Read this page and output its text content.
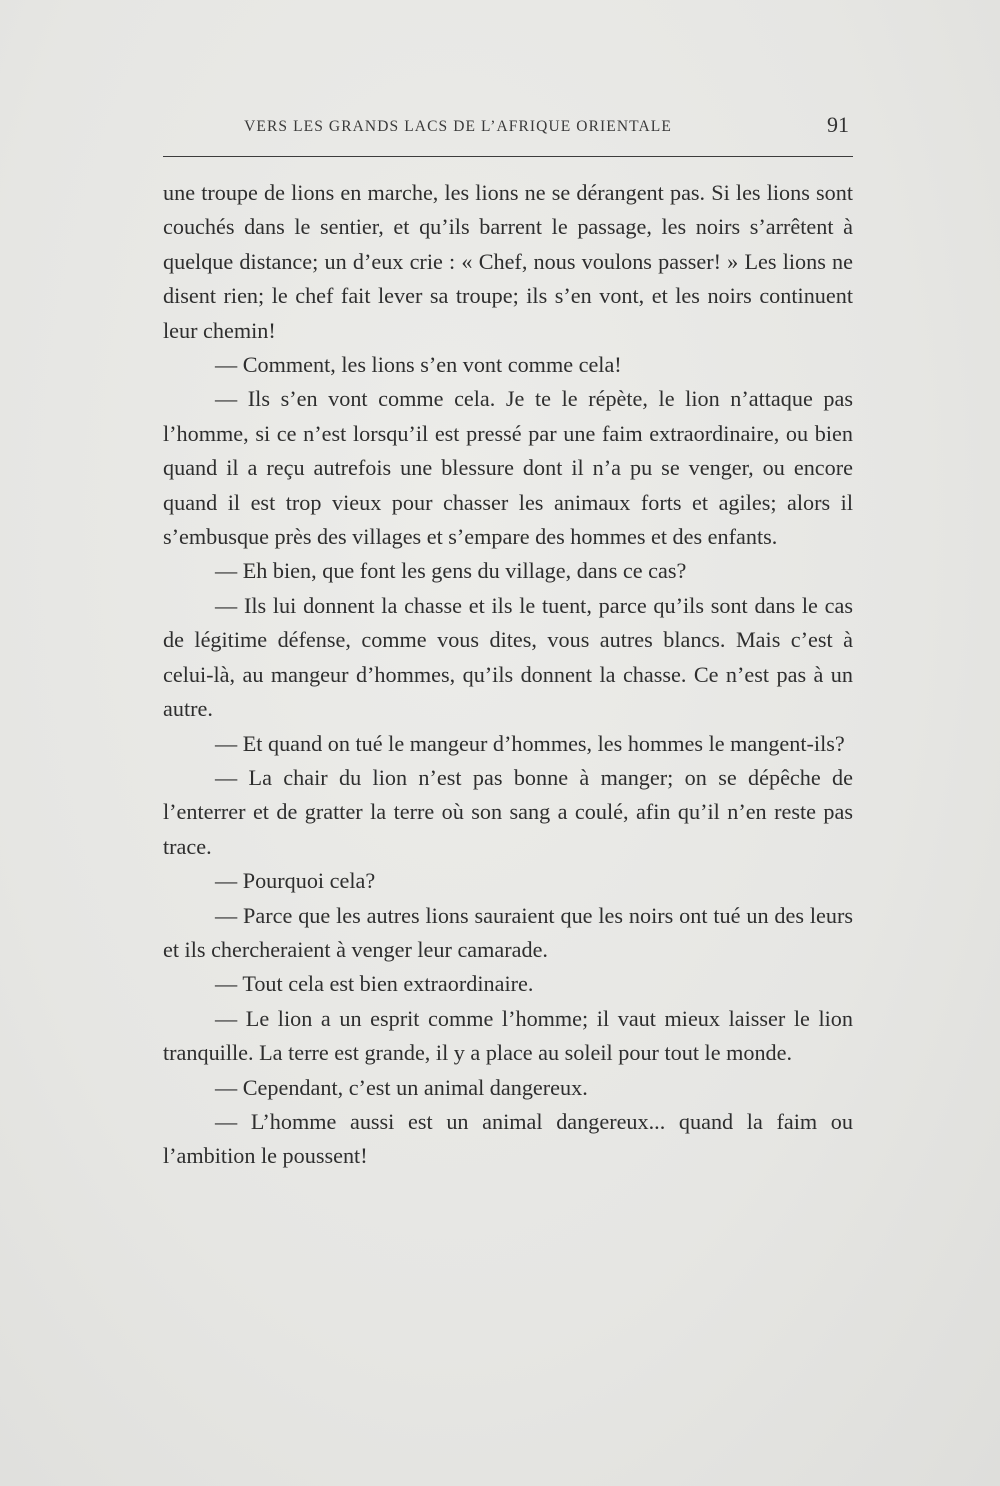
VERS LES GRANDS LACS DE L’AFRIQUE ORIENTALE	91

une troupe de lions en marche, les lions ne se dérangent pas. Si les lions sont couchés dans le sentier, et qu’ils barrent le passage, les noirs s’arrêtent à quelque distance; un d’eux crie : « Chef, nous voulons passer! » Les lions ne disent rien; le chef fait lever sa troupe; ils s’en vont, et les noirs continuent leur chemin!

— Comment, les lions s’en vont comme cela!

— Ils s’en vont comme cela. Je te le répète, le lion n’attaque pas l’homme, si ce n’est lorsqu’il est pressé par une faim extraordinaire, ou bien quand il a reçu autrefois une blessure dont il n’a pu se venger, ou encore quand il est trop vieux pour chasser les animaux forts et agiles; alors il s’embusque près des villages et s’empare des hommes et des enfants.

— Eh bien, que font les gens du village, dans ce cas?

— Ils lui donnent la chasse et ils le tuent, parce qu’ils sont dans le cas de légitime défense, comme vous dites, vous autres blancs. Mais c’est à celui-là, au mangeur d’hommes, qu’ils donnent la chasse. Ce n’est pas à un autre.

— Et quand on tué le mangeur d’hommes, les hommes le mangent-ils?

— La chair du lion n’est pas bonne à manger; on se dépêche de l’enterrer et de gratter la terre où son sang a coulé, afin qu’il n’en reste pas trace.

— Pourquoi cela?

— Parce que les autres lions sauraient que les noirs ont tué un des leurs et ils chercheraient à venger leur camarade.

— Tout cela est bien extraordinaire.

— Le lion a un esprit comme l’homme; il vaut mieux laisser le lion tranquille. La terre est grande, il y a place au soleil pour tout le monde.

— Cependant, c’est un animal dangereux.

— L’homme aussi est un animal dangereux... quand la faim ou l’ambition le poussent!
